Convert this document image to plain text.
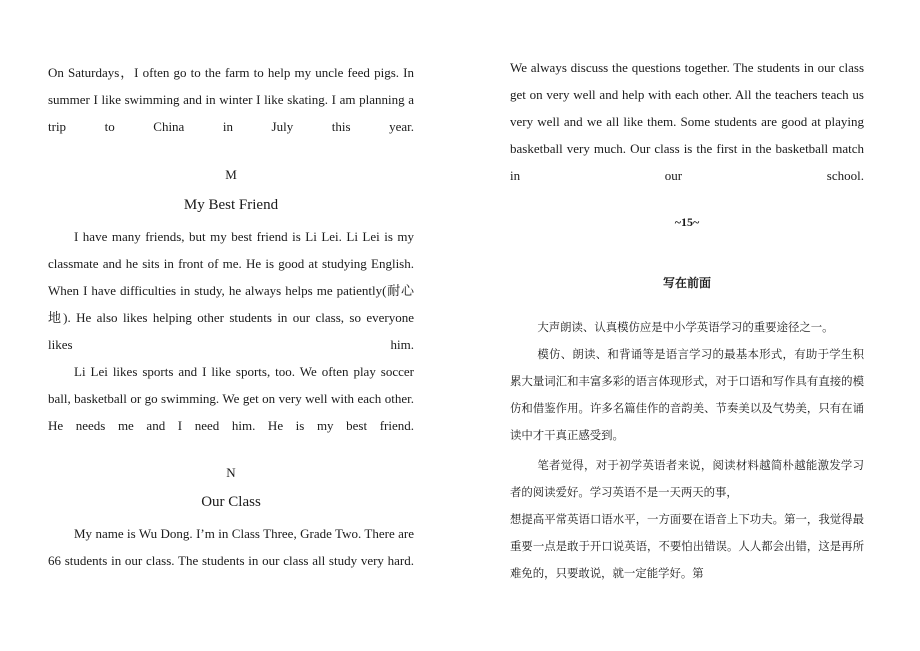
On Saturdays，I often go to the farm to help my uncle feed pigs. In summer I like swimming and in winter I like skating. I am planning a trip to China in July this year.

M
My Best Friend

I have many friends, but my best friend is Li Lei. Li Lei is my classmate and he sits in front of me. He is good at studying English. When I have difficulties in study, he always helps me patiently(耐心地). He also likes helping other students in our class, so everyone likes him.

Li Lei likes sports and I like sports, too. We often play soccer ball, basketball or go swimming. We get on very well with each other. He needs me and I need him. He is my best friend.

N
Our Class

My name is Wu Dong. I’m in Class Three, Grade Two. There are 66 students in our class. The students in our class all study very hard.

We always discuss the questions together. The students in our class get on very well and help with each other. All the teachers teach us very well and we all like them. Some students are good at playing basketball very much. Our class is the first in the basketball match in our school.

~15~
写在前面

大声朗读、认真模仿应是中小学英语学习的重要途径之一。

模仿、朗读、和背诵等是语言学习的最基本形式，有助于学生积累大量词汇和丰富多彩的语言体现形式，对于口语和写作具有直接的模仿和借鉴作用。许多名篇佳作的音韵美、节奏美以及气势美，只有在诵读中才干真正感受到。

笔者觉得，对于初学英语者来说，阅读材料越简朴越能激发学习者的阅读爱好。学习英语不是一天两天的事，

想提高平常英语口语水平，一方面要在语音上下功夫。第一，我觉得最重要一点是敢于开口说英语，不要怕出错误。人人都会出错，这是再所难免的，只要敢说，就一定能学好。第
